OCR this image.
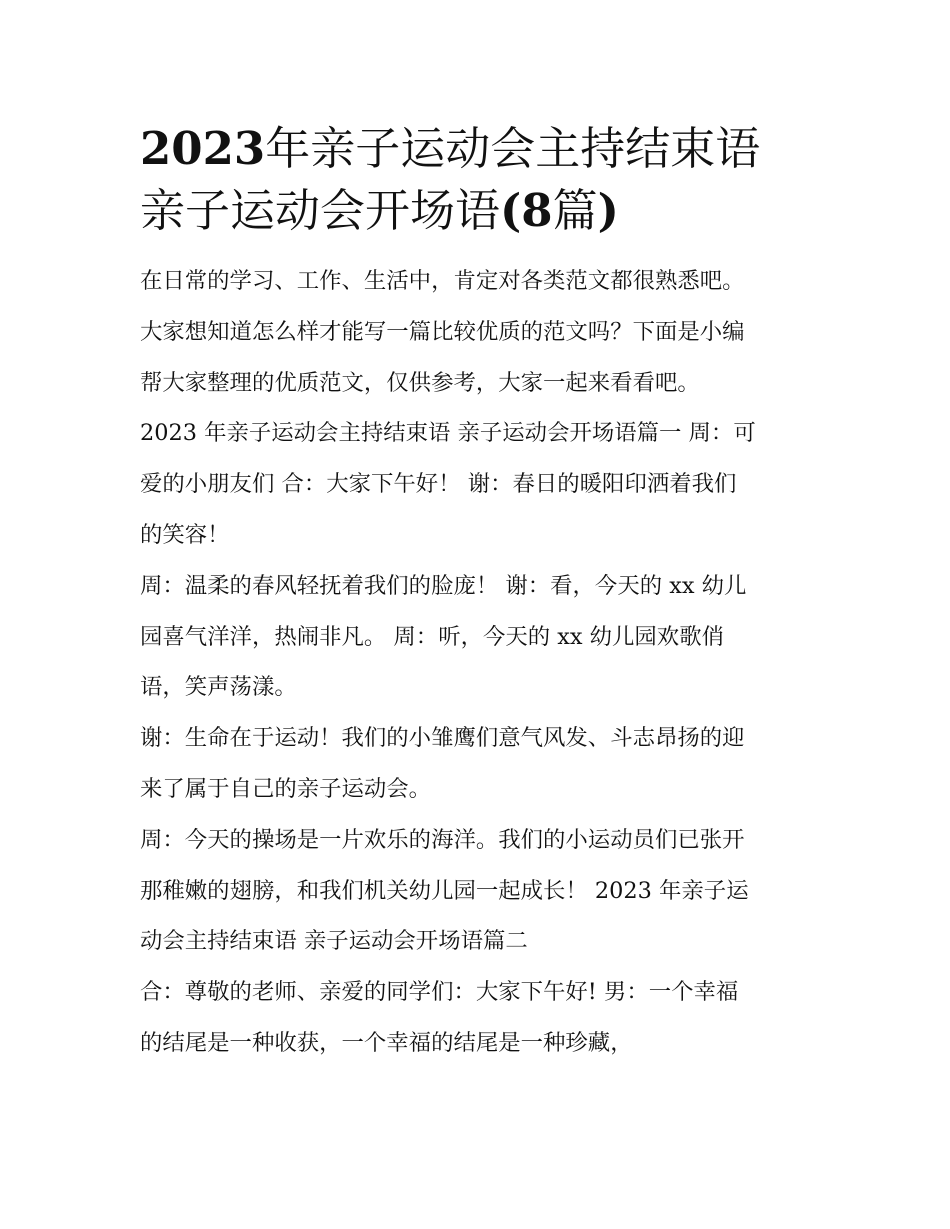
2023年亲子运动会主持结束语
亲子运动会开场语(8篇)

在日常的学习、工作、生活中，肯定对各类范文都很熟悉吧。
大家想知道怎么样才能写一篇比较优质的范文吗？下面是小编
帮大家整理的优质范文，仅供参考，大家一起来看看吧。

2023 年亲子运动会主持结束语 亲子运动会开场语篇一 周：可
爱的小朋友们 合：大家下午好！ 谢：春日的暖阳印洒着我们
的笑容！

周：温柔的春风轻抚着我们的脸庞！ 谢：看，今天的 xx 幼儿
园喜气洋洋，热闹非凡。 周：听，今天的 xx 幼儿园欢歌俏
语，笑声荡漾。

谢：生命在于运动！我们的小雏鹰们意气风发、斗志昂扬的迎
来了属于自己的亲子运动会。

周：今天的操场是一片欢乐的海洋。我们的小运动员们已张开
那稚嫩的翅膀，和我们机关幼儿园一起成长！ 2023 年亲子运
动会主持结束语 亲子运动会开场语篇二

合：尊敬的老师、亲爱的同学们：大家下午好! 男：一个幸福
的结尾是一种收获，一个幸福的结尾是一种珍藏，
